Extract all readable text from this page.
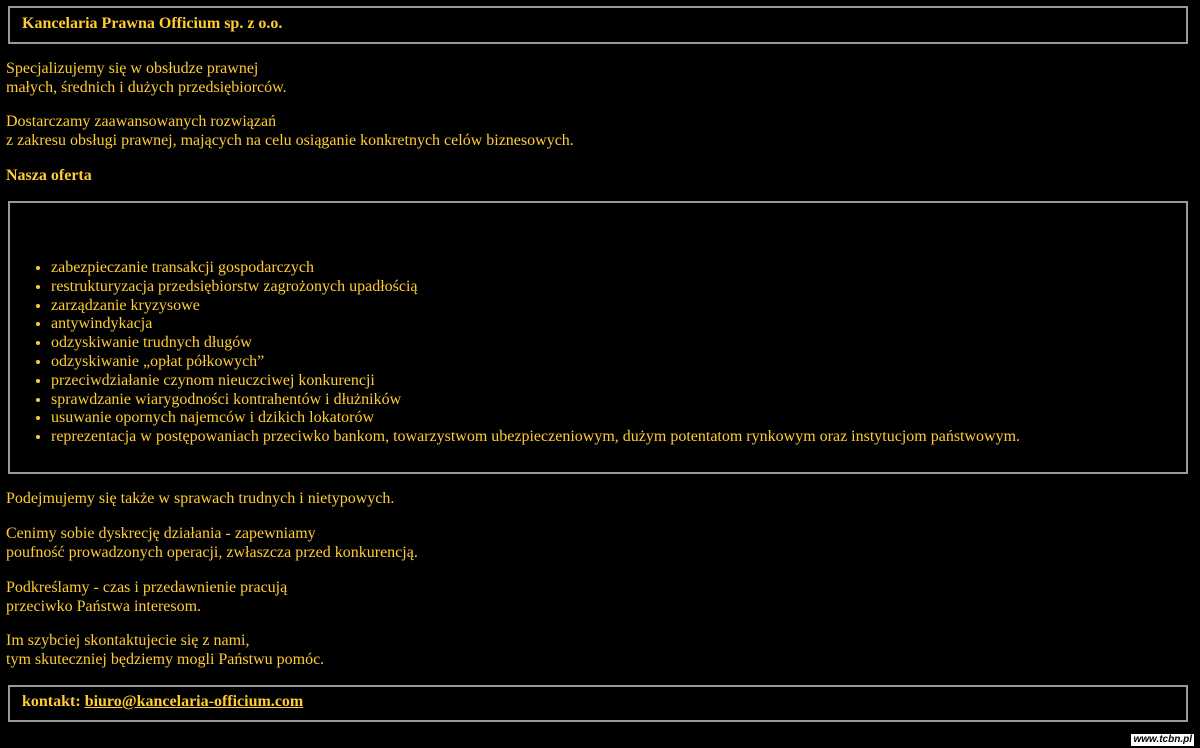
Kancelaria Prawna Officium sp. z o.o.

Specjalizujemy się w obsłudze prawnej
małych, średnich i dużych przedsiębiorców.

Dostarczamy zaawansowanych rozwiązań
z zakresu obsługi prawnej, mających na celu osiąganie konkretnych celów biznesowych.

Nasza oferta
• zabezpieczanie transakcji gospodarczych
• restrukturyzacja przedsiębiorstw zagrożonych upadłością
• zarządzanie kryzysowe
• antywindykacja
• odzyskiwanie trudnych długów
• odzyskiwanie „opłat półkowych”
• przeciwdziałanie czynom nieuczciwej konkurencji
• sprawdzanie wiarygodności kontrahentów i dłużników
• usuwanie opornych najemców i dzikich lokatorów
• reprezentacja w postępowaniach przeciwko bankom, towarzystwom ubezpieczeniowym, dużym potentatom rynkowym oraz instytucjom państwowym.

Podejmujemy się także w sprawach trudnych i nietypowych.

Cenimy sobie dyskrecję działania - zapewniamy
poufność prowadzonych operacji, zwłaszcza przed konkurencją.

Podkreślamy - czas i przedawnienie pracują
przeciwko Państwa interesom.

Im szybciej skontaktujecie się z nami,
tym skuteczniej będziemy mogli Państwu pomóc.

kontakt: biuro@kancelaria-officium.com

www.tcbn.pl
